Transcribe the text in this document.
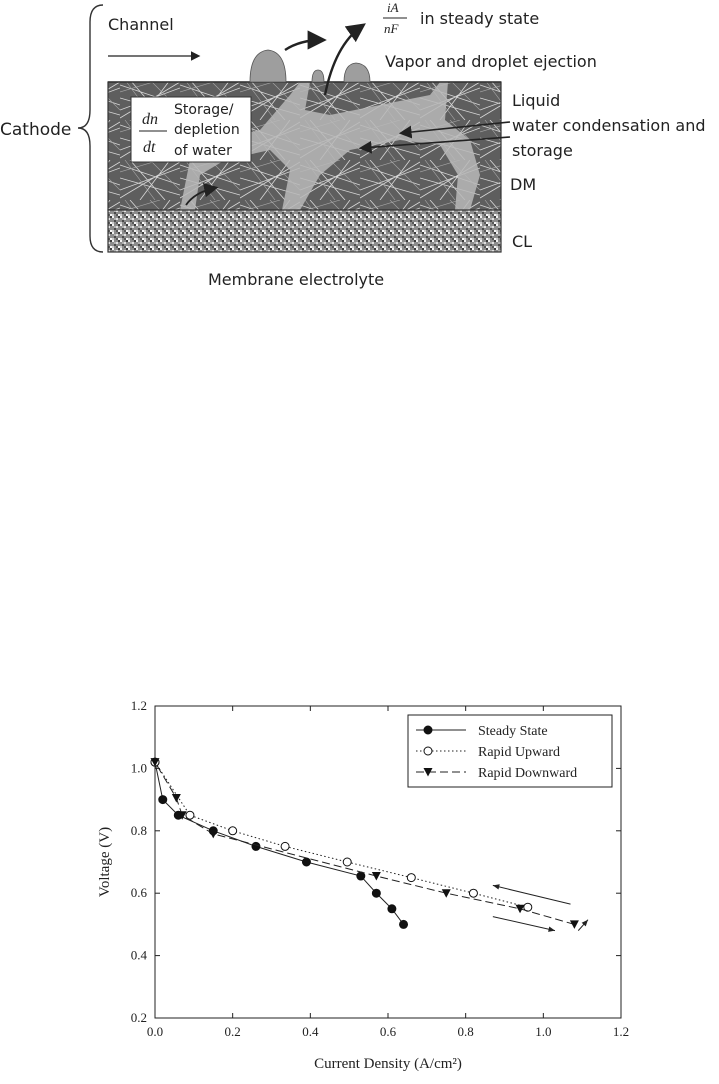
Cathode
Channel
iA
nF
in steady state
Vapor and droplet ejection
dn
dt
Storage/
depletion
of water
Liquid
water condensation and
storage
DM
CL
Membrane electrolyte
0.0	0.2	0.4	0.6	0.8	1.0	1.2
0.2
0.4
0.6
0.8
1.0
1.2
Current Density (A/cm²)
Voltage (V)
Steady State
Rapid Upward
Rapid Downward
